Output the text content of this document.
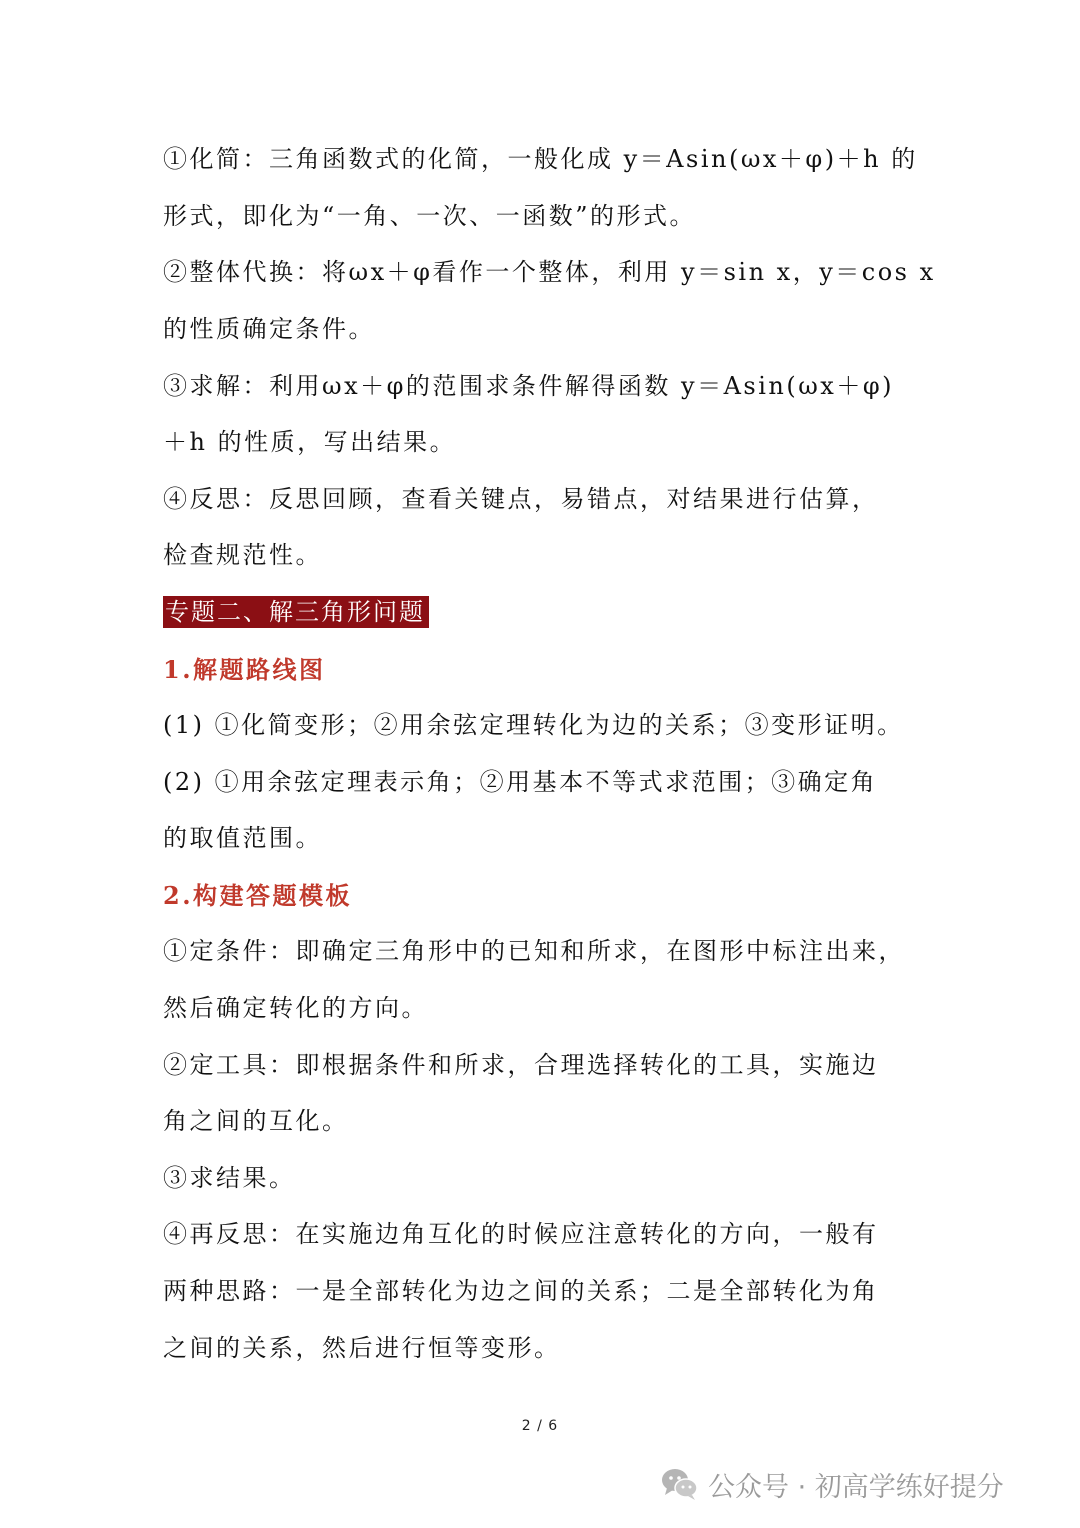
①化简：三角函数式的化简，一般化成 y＝Asin(ωx＋φ)＋h 的
形式，即化为“一角、一次、一函数”的形式。
②整体代换：将ωx＋φ看作一个整体，利用 y＝sin x，y＝cos x
的性质确定条件。
③求解：利用ωx＋φ的范围求条件解得函数 y＝Asin(ωx＋φ)
＋h 的性质，写出结果。
④反思：反思回顾，查看关键点，易错点，对结果进行估算，
检查规范性。
专题二、解三角形问题
1.解题路线图
(1) ①化简变形；②用余弦定理转化为边的关系；③变形证明。
(2) ①用余弦定理表示角；②用基本不等式求范围；③确定角
的取值范围。
2.构建答题模板
①定条件：即确定三角形中的已知和所求，在图形中标注出来，
然后确定转化的方向。
②定工具：即根据条件和所求，合理选择转化的工具，实施边
角之间的互化。
③求结果。
④再反思：在实施边角互化的时候应注意转化的方向，一般有
两种思路：一是全部转化为边之间的关系；二是全部转化为角
之间的关系，然后进行恒等变形。
2 / 6
公众号 · 初高学练好提分
